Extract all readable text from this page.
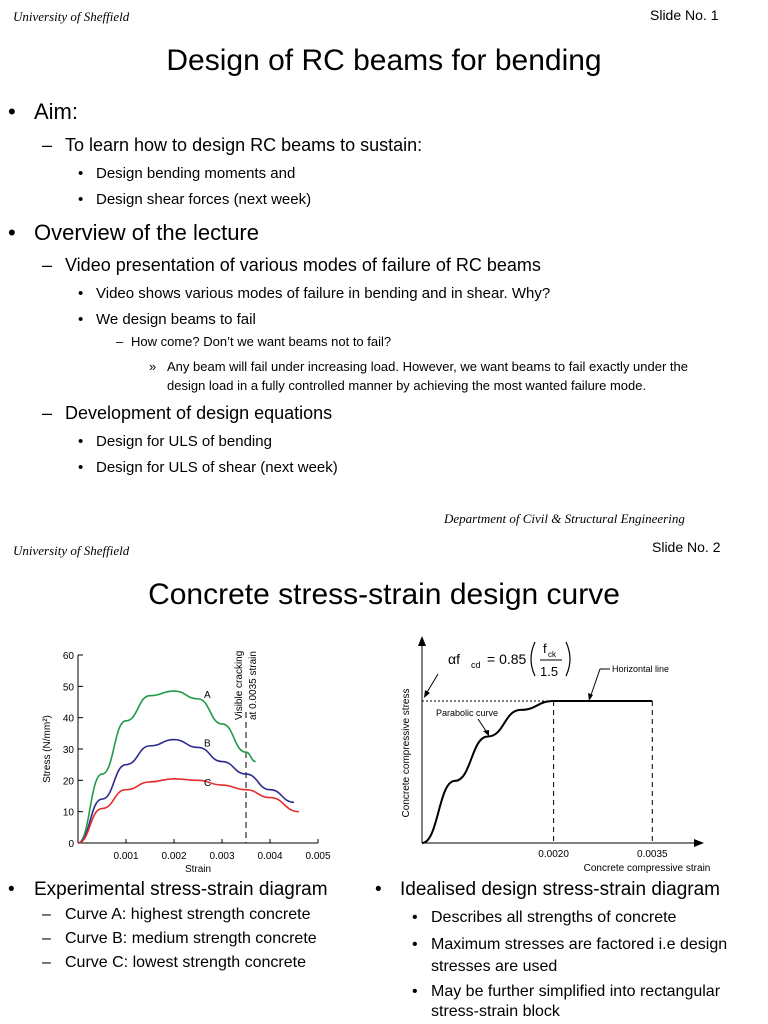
University of Sheffield	Slide No. 1
Design of RC beams for bending
• Aim:
– To learn how to design RC beams to sustain:
• Design bending moments and
• Design shear forces (next week)
• Overview of the lecture
– Video presentation of various modes of failure of RC beams
• Video shows various modes of failure in bending and in shear. Why?
• We design beams to fail
– How come? Don’t we want beams not to fail?
» Any beam will fail under increasing load. However, we want beams to fail exactly under the
design load in a fully controlled manner by achieving the most wanted failure mode.
– Development of design equations
• Design for ULS of bending
• Design for ULS of shear (next week)
Department of Civil & Structural Engineering
University of Sheffield	Slide No. 2
Concrete stress-strain design curve
0
10
20
30
40
50
60
0.001 0.002 0.003 0.004 0.005
Strain
Stress (N/mm²)
Visible cracking at 0.0035 strain
A
B
C	Concrete compressive stress
Concrete compressive strain
0.0020	0.0035
αf cd = 0.85
f ck
1.5
Parabolic curve
Horizontal line
• Experimental stress-strain diagram
– Curve A: highest strength concrete
– Curve B: medium strength concrete
– Curve C: lowest strength concrete
• Idealised design stress-strain diagram
• Describes all strengths of concrete
• Maximum stresses are factored i.e design
stresses are used
• May be further simplified into rectangular
stress-strain block
